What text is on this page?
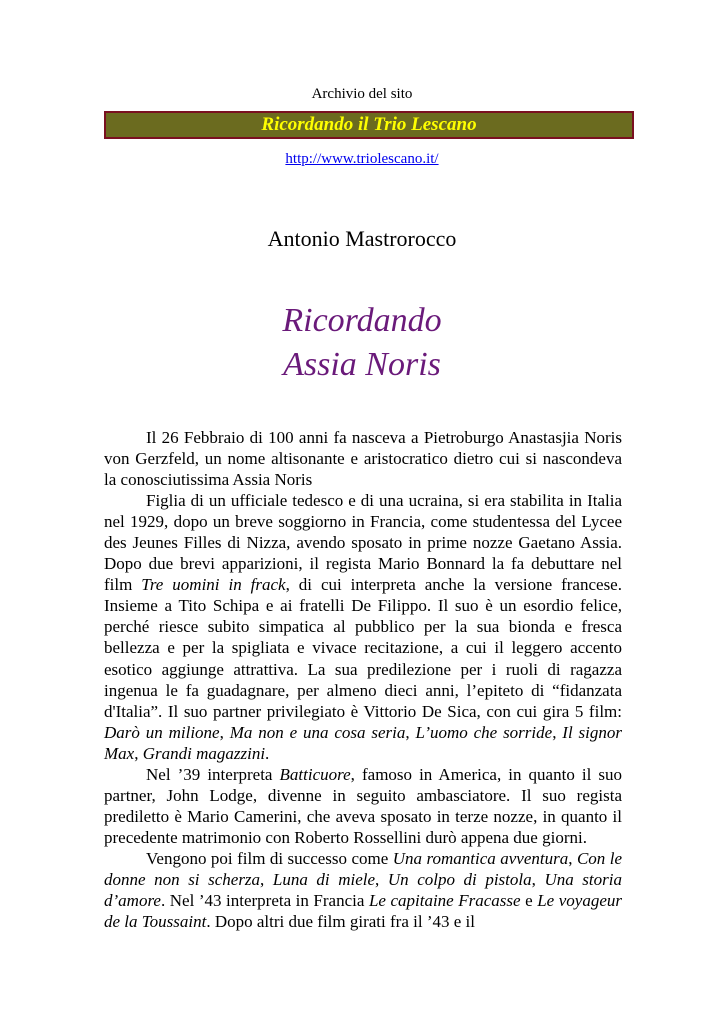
Archivio del sito
Ricordando il Trio Lescano
http://www.triolescano.it/
Antonio Mastrorocco
Ricordando
Assia Noris

Il 26 Febbraio di 100 anni fa nasceva a Pietroburgo Anastasjia Noris von Gerzfeld, un nome altisonante e aristocratico dietro cui si nascondeva la conosciutissima Assia Noris

Figlia di un ufficiale tedesco e di una ucraina, si era stabilita in Italia nel 1929, dopo un breve soggiorno in Francia, come studentessa del Lycee des Jeunes Filles di Nizza, avendo sposato in prime nozze Gaetano Assia. Dopo due brevi apparizioni, il regista Mario Bonnard la fa debuttare nel film Tre uomini in frack, di cui interpreta anche la versione francese. Insieme a Tito Schipa e ai fratelli De Filippo. Il suo è un esordio felice, perché riesce subito simpatica al pubblico per la sua bionda e fresca bellezza e per la spigliata e vivace recitazione, a cui il leggero accento esotico aggiunge attrattiva. La sua predilezione per i ruoli di ragazza ingenua le fa guadagnare, per almeno dieci anni, l’epiteto di “fidanzata d'Italia”. Il suo partner privilegiato è Vittorio De Sica, con cui gira 5 film: Darò un milione, Ma non e una cosa seria, L’uomo che sorride, Il signor Max, Grandi magazzini.

Nel ’39 interpreta Batticuore, famoso in America, in quanto il suo partner, John Lodge, divenne in seguito ambasciatore. Il suo regista prediletto è Mario Camerini, che aveva sposato in terze nozze, in quanto il precedente matrimonio con Roberto Rossellini durò appena due giorni.

Vengono poi film di successo come Una romantica avventura, Con le donne non si scherza, Luna di miele, Un colpo di pistola, Una storia d’amore. Nel ’43 interpreta in Francia Le capitaine Fracasse e Le voyageur de la Toussaint. Dopo altri due film girati fra il ’43 e il
